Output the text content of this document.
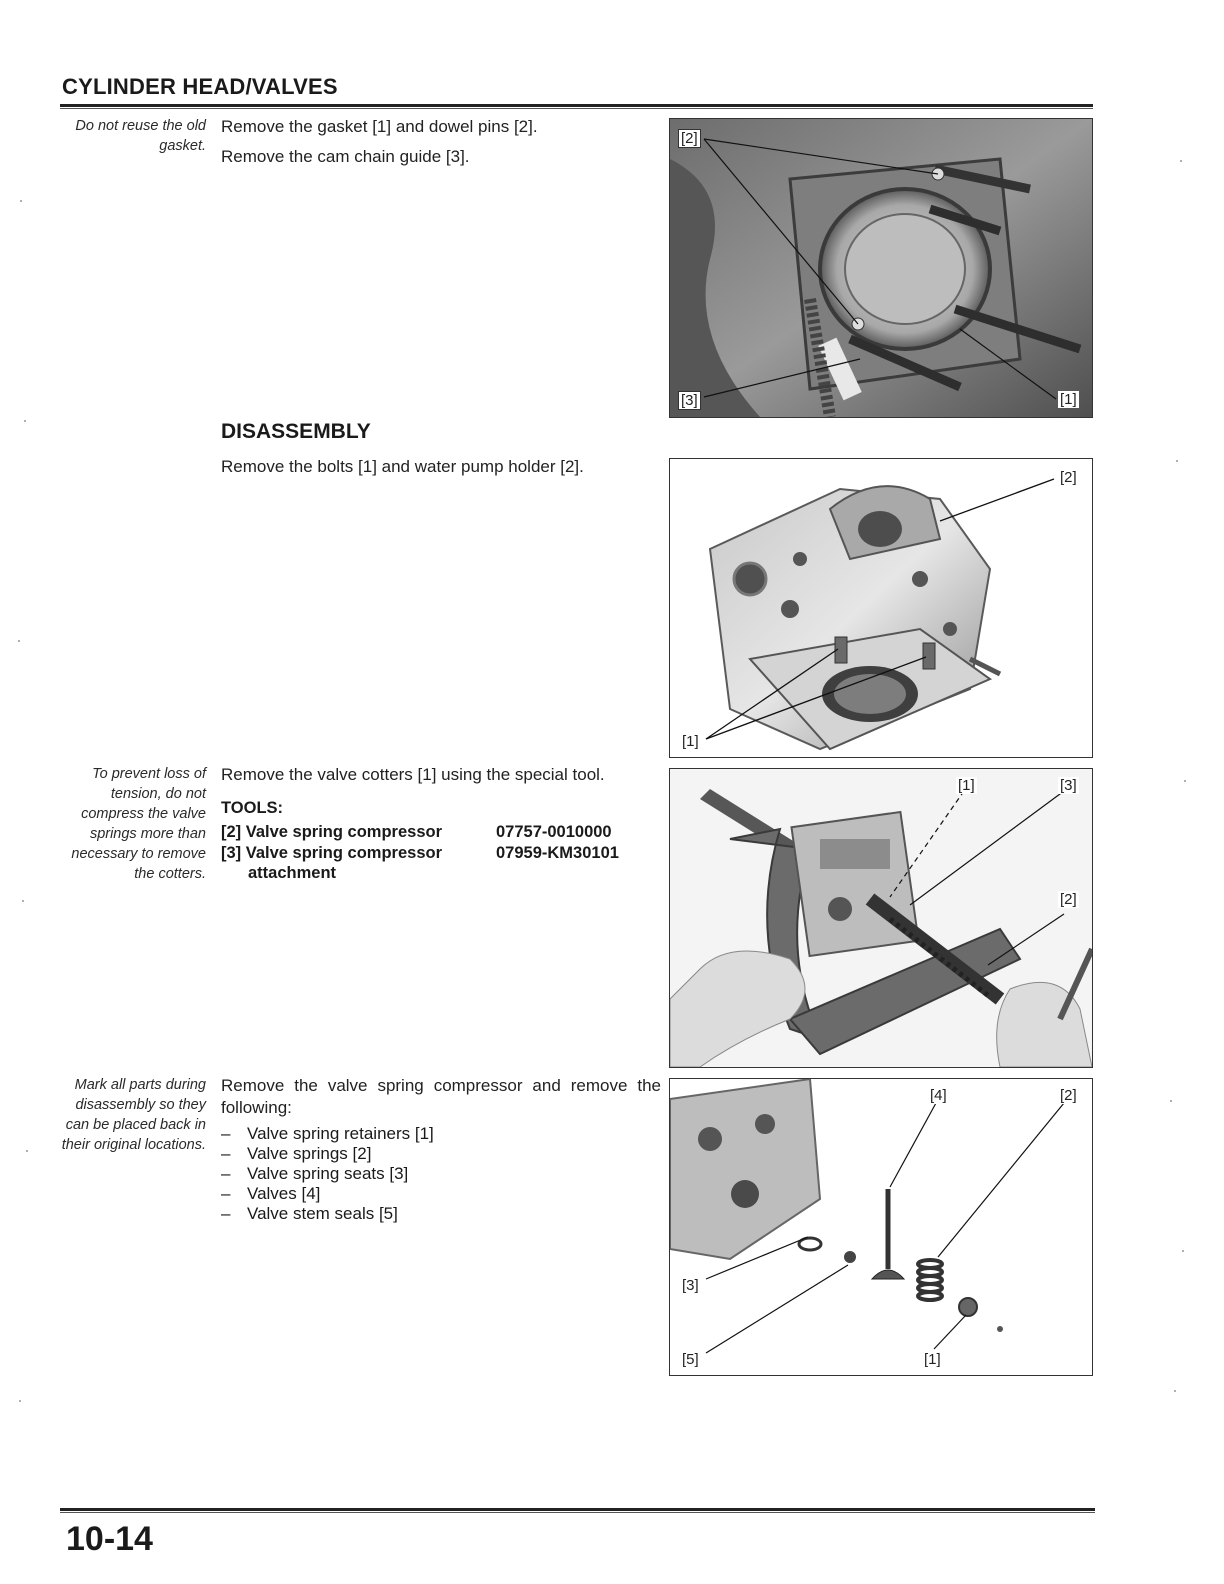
CYLINDER HEAD/VALVES
Do not reuse the old gasket.
Remove the gasket [1] and dowel pins [2].
Remove the cam chain guide [3].
[2]
[3]	[1]
DISASSEMBLY
Remove the bolts [1] and water pump holder [2].
[2]
[1]
To prevent loss of tension, do not compress the valve springs more than necessary to remove the cotters.
Remove the valve cotters [1] using the special tool.
TOOLS:
[2] Valve spring compressor	07757-0010000
[3] Valve spring compressor	07959-KM30101
attachment
[1]	[3]
[2]
Mark all parts during disassembly so they can be placed back in their original locations.
Remove the valve spring compressor and remove the following:
– Valve spring retainers [1]
– Valve springs [2]
– Valve spring seats [3]
– Valves [4]
– Valve stem seals [5]
[4]	[2]
[3]
[5]	[1]
10-14
